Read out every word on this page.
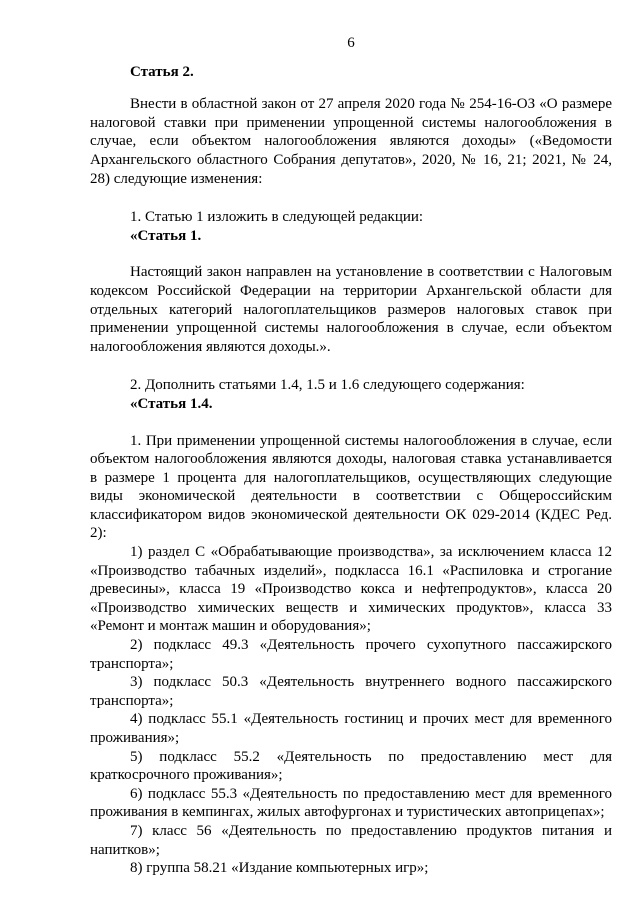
6

Статья 2.

Внести в областной закон от 27 апреля 2020 года № 254-16-ОЗ «О размере налоговой ставки при применении упрощенной системы налогообложения в случае, если объектом налогообложения являются доходы» («Ведомости Архангельского областного Собрания депутатов», 2020, № 16, 21; 2021, № 24, 28) следующие изменения:

1. Статью 1 изложить в следующей редакции:

«Статья 1.

Настоящий закон направлен на установление в соответствии с Налоговым кодексом Российской Федерации на территории Архангельской области для отдельных категорий налогоплательщиков размеров налоговых ставок при применении упрощенной системы налогообложения в случае, если объектом налогообложения являются доходы.».

2. Дополнить статьями 1.4, 1.5 и 1.6 следующего содержания:

«Статья 1.4.

1. При применении упрощенной системы налогообложения в случае, если объектом налогообложения являются доходы, налоговая ставка устанавливается в размере 1 процента для налогоплательщиков, осуществляющих следующие виды экономической деятельности в соответствии с Общероссийским классификатором видов экономической деятельности ОК 029-2014 (КДЕС Ред. 2):

1) раздел C «Обрабатывающие производства», за исключением класса 12 «Производство табачных изделий», подкласса 16.1 «Распиловка и строгание древесины», класса 19 «Производство кокса и нефтепродуктов», класса 20 «Производство химических веществ и химических продуктов», класса 33 «Ремонт и монтаж машин и оборудования»;

2) подкласс 49.3 «Деятельность прочего сухопутного пассажирского транспорта»;

3) подкласс 50.3 «Деятельность внутреннего водного пассажирского транспорта»;

4) подкласс 55.1 «Деятельность гостиниц и прочих мест для временного проживания»;

5) подкласс 55.2 «Деятельность по предоставлению мест для краткосрочного проживания»;

6) подкласс 55.3 «Деятельность по предоставлению мест для временного проживания в кемпингах, жилых автофургонах и туристических автоприцепах»;

7) класс 56 «Деятельность по предоставлению продуктов питания и напитков»;

8) группа 58.21 «Издание компьютерных игр»;
